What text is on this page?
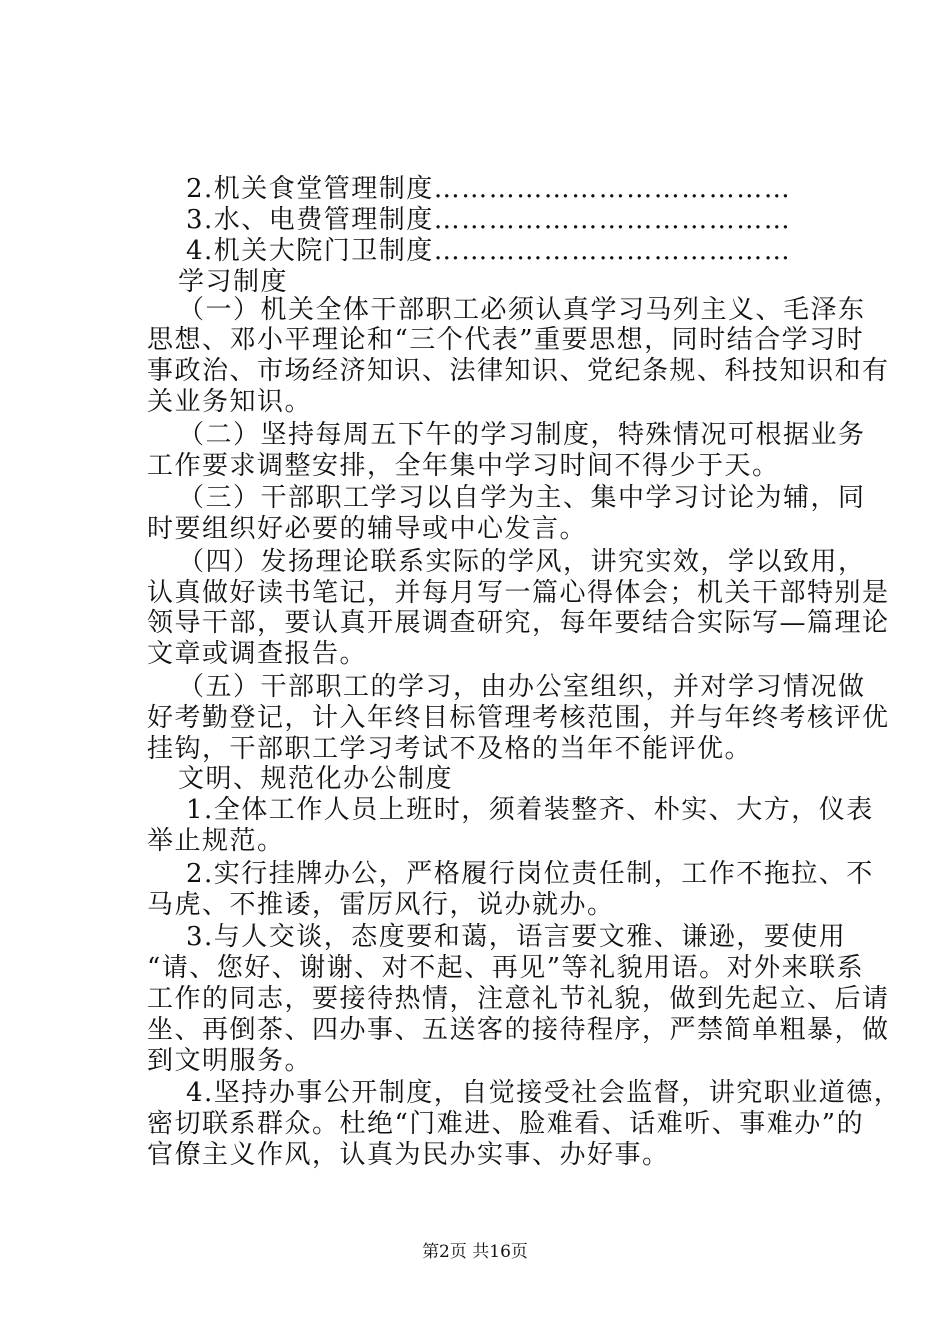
2.机关食堂管理制度…………………………………
3.水、电费管理制度…………………………………
4.机关大院门卫制度…………………………………
学习制度
（一）机关全体干部职工必须认真学习马列主义、毛泽东
思想、邓小平理论和“三个代表”重要思想，同时结合学习时
事政治、市场经济知识、法律知识、党纪条规、科技知识和有
关业务知识。
（二）坚持每周五下午的学习制度，特殊情况可根据业务
工作要求调整安排，全年集中学习时间不得少于天。
（三）干部职工学习以自学为主、集中学习讨论为辅，同
时要组织好必要的辅导或中心发言。
（四）发扬理论联系实际的学风，讲究实效，学以致用，
认真做好读书笔记，并每月写一篇心得体会；机关干部特别是
领导干部，要认真开展调查研究，每年要结合实际写—篇理论
文章或调查报告。
（五）干部职工的学习，由办公室组织，并对学习情况做
好考勤登记，计入年终目标管理考核范围，并与年终考核评优
挂钩，干部职工学习考试不及格的当年不能评优。
文明、规范化办公制度
1.全体工作人员上班时，须着装整齐、朴实、大方，仪表
举止规范。
2.实行挂牌办公，严格履行岗位责任制，工作不拖拉、不
马虎、不推诿，雷厉风行，说办就办。
3.与人交谈，态度要和蔼，语言要文雅、谦逊，要使用
“请、您好、谢谢、对不起、再见”等礼貌用语。对外来联系
工作的同志，要接待热情，注意礼节礼貌，做到先起立、后请
坐、再倒茶、四办事、五送客的接待程序，严禁简单粗暴，做
到文明服务。
4.坚持办事公开制度，自觉接受社会监督，讲究职业道德，
密切联系群众。杜绝“门难进、脸难看、话难听、事难办”的
官僚主义作风，认真为民办实事、办好事。
第2页 共16页
